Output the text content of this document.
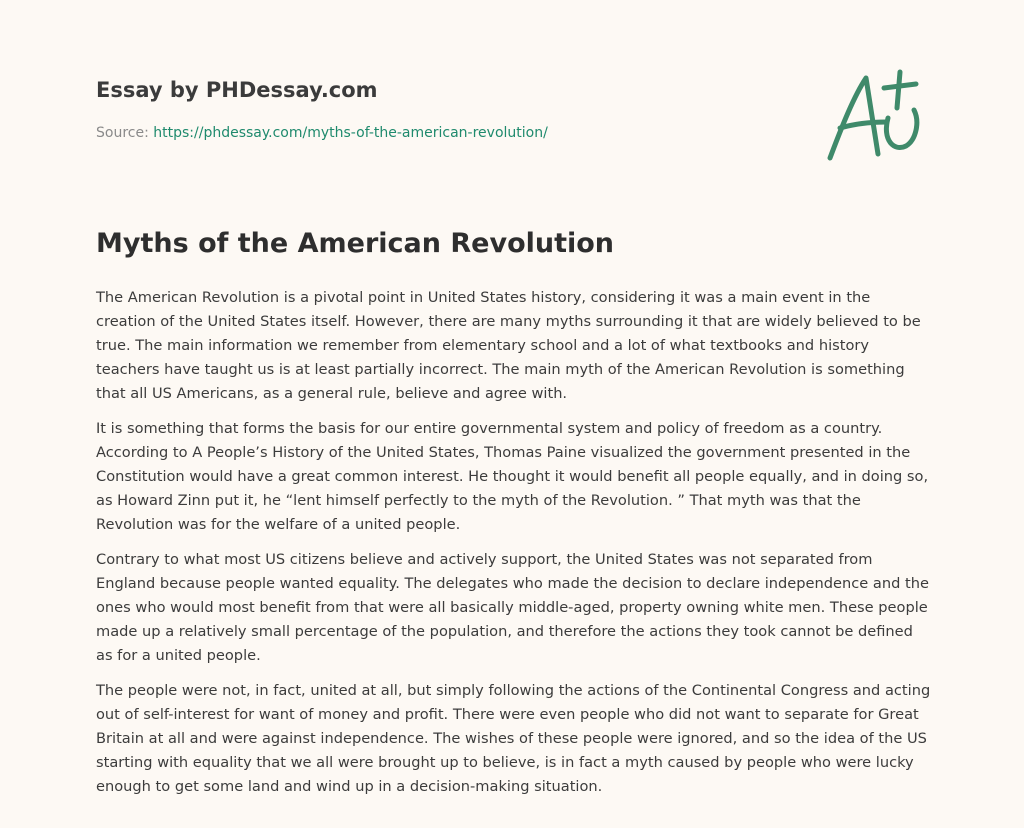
Essay by PHDessay.com

Source: https://phdessay.com/myths-of-the-american-revolution/

Myths of the American Revolution

The American Revolution is a pivotal point in United States history, considering it was a main event in the creation of the United States itself. However, there are many myths surrounding it that are widely believed to be true. The main information we remember from elementary school and a lot of what textbooks and history teachers have taught us is at least partially incorrect. The main myth of the American Revolution is something that all US Americans, as a general rule, believe and agree with.

It is something that forms the basis for our entire governmental system and policy of freedom as a country. According to A People’s History of the United States, Thomas Paine visualized the government presented in the Constitution would have a great common interest. He thought it would benefit all people equally, and in doing so, as Howard Zinn put it, he “lent himself perfectly to the myth of the Revolution. ” That myth was that the Revolution was for the welfare of a united people.

Contrary to what most US citizens believe and actively support, the United States was not separated from England because people wanted equality. The delegates who made the decision to declare independence and the ones who would most benefit from that were all basically middle-aged, property owning white men. These people made up a relatively small percentage of the population, and therefore the actions they took cannot be defined as for a united people.

The people were not, in fact, united at all, but simply following the actions of the Continental Congress and acting out of self-interest for want of money and profit. There were even people who did not want to separate for Great Britain at all and were against independence. The wishes of these people were ignored, and so the idea of the US starting with equality that we all were brought up to believe, is in fact a myth caused by people who were lucky enough to get some land and wind up in a decision-making situation.
